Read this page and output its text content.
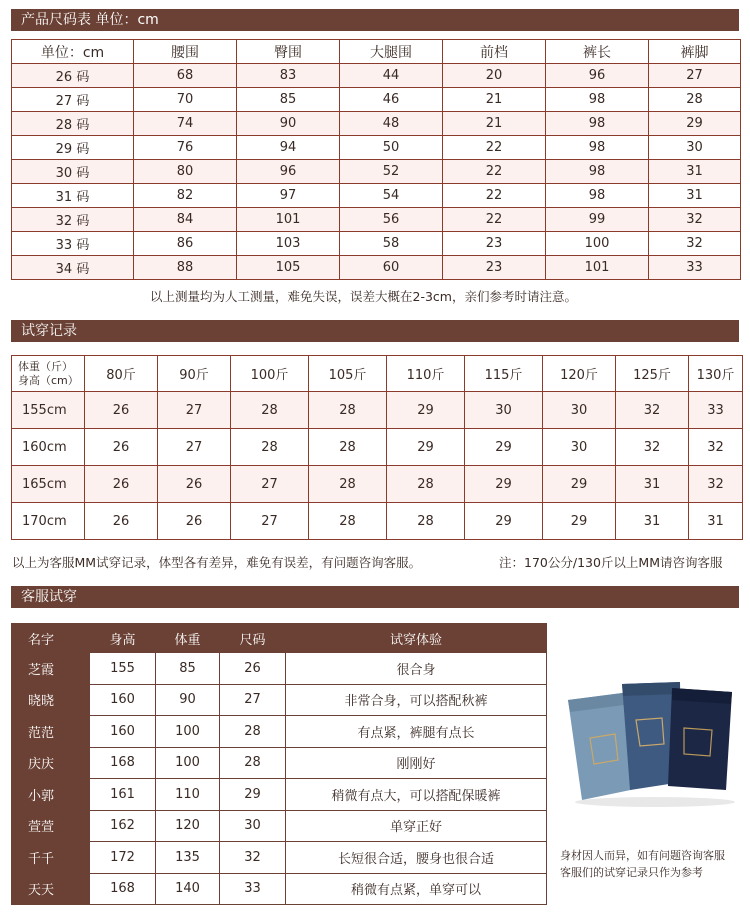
产品尺码表 单位：cm
单位：cm	腰围	臀围	大腿围	前档	裤长	裤脚
26 码	68	83	44	20	96	27
27 码	70	85	46	21	98	28
28 码	74	90	48	21	98	29
29 码	76	94	50	22	98	30
30 码	80	96	52	22	98	31
31 码	82	97	54	22	98	31
32 码	84	101	56	22	99	32
33 码	86	103	58	23	100	32
34 码	88	105	60	23	101	33
以上测量均为人工测量，难免失误，误差大概在2-3cm，亲们参考时请注意。
试穿记录
体重（斤）
身高（cm）	80斤	90斤	100斤	105斤	110斤	115斤	120斤	125斤	130斤
155cm	26	27	28	28	29	30	30	32	33
160cm	26	27	28	28	29	29	30	32	32
165cm	26	26	27	28	28	29	29	31	32
170cm	26	26	27	28	28	29	29	31	31
以上为客服MM试穿记录，体型各有差异，难免有误差，有问题咨询客服。	注：170公分/130斤以上MM请咨询客服
客服试穿
名字	身高	体重	尺码	试穿体验
芝霞	155	85	26	很合身
晓晓	160	90	27	非常合身，可以搭配秋裤
范范	160	100	28	有点紧，裤腿有点长
庆庆	168	100	28	刚刚好
小郭	161	110	29	稍微有点大，可以搭配保暖裤
萱萱	162	120	30	单穿正好
千千	172	135	32	长短很合适，腰身也很合适
天天	168	140	33	稍微有点紧，单穿可以
身材因人而异，如有问题咨询客服
客服们的试穿记录只作为参考
